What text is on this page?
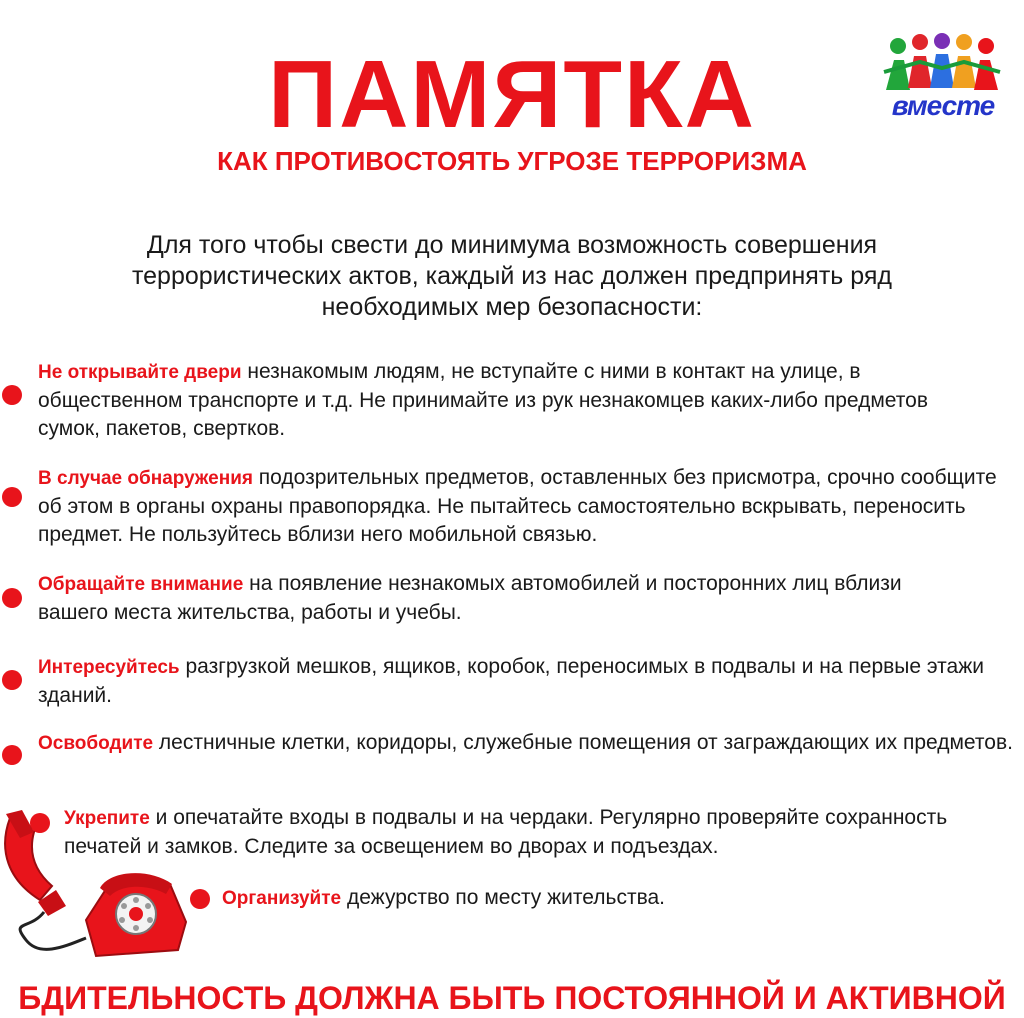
вместе
ПАМЯТКА
КАК ПРОТИВОСТОЯТЬ УГРОЗЕ ТЕРРОРИЗМА
Для того чтобы свести до минимума возможность совершения
террористических актов, каждый из нас должен предпринять ряд
необходимых мер безопасности:
Не открывайте двери незнакомым людям, не вступайте с ними в контакт на улице, в общественном транспорте и т.д. Не принимайте из рук незнакомцев каких-либо предметов сумок, пакетов, свертков.
В случае обнаружения подозрительных предметов, оставленных без присмотра, срочно сообщите об этом в органы охраны правопорядка. Не пытайтесь самостоятельно вскрывать, переносить предмет. Не пользуйтесь вблизи него мобильной связью.
Обращайте внимание на появление незнакомых автомобилей и посторонних лиц вблизи вашего места жительства, работы и учебы.
Интересуйтесь разгрузкой мешков, ящиков, коробок, переносимых в подвалы и на первые этажи зданий.
Освободите лестничные клетки, коридоры, служебные помещения от заграждающих их предметов.
Укрепите и опечатайте входы в подвалы и на чердаки. Регулярно проверяйте сохранность печатей и замков. Следите за освещением во дворах и подъездах.
Организуйте дежурство по месту жительства.
БДИТЕЛЬНОСТЬ ДОЛЖНА БЫТЬ ПОСТОЯННОЙ И АКТИВНОЙ
